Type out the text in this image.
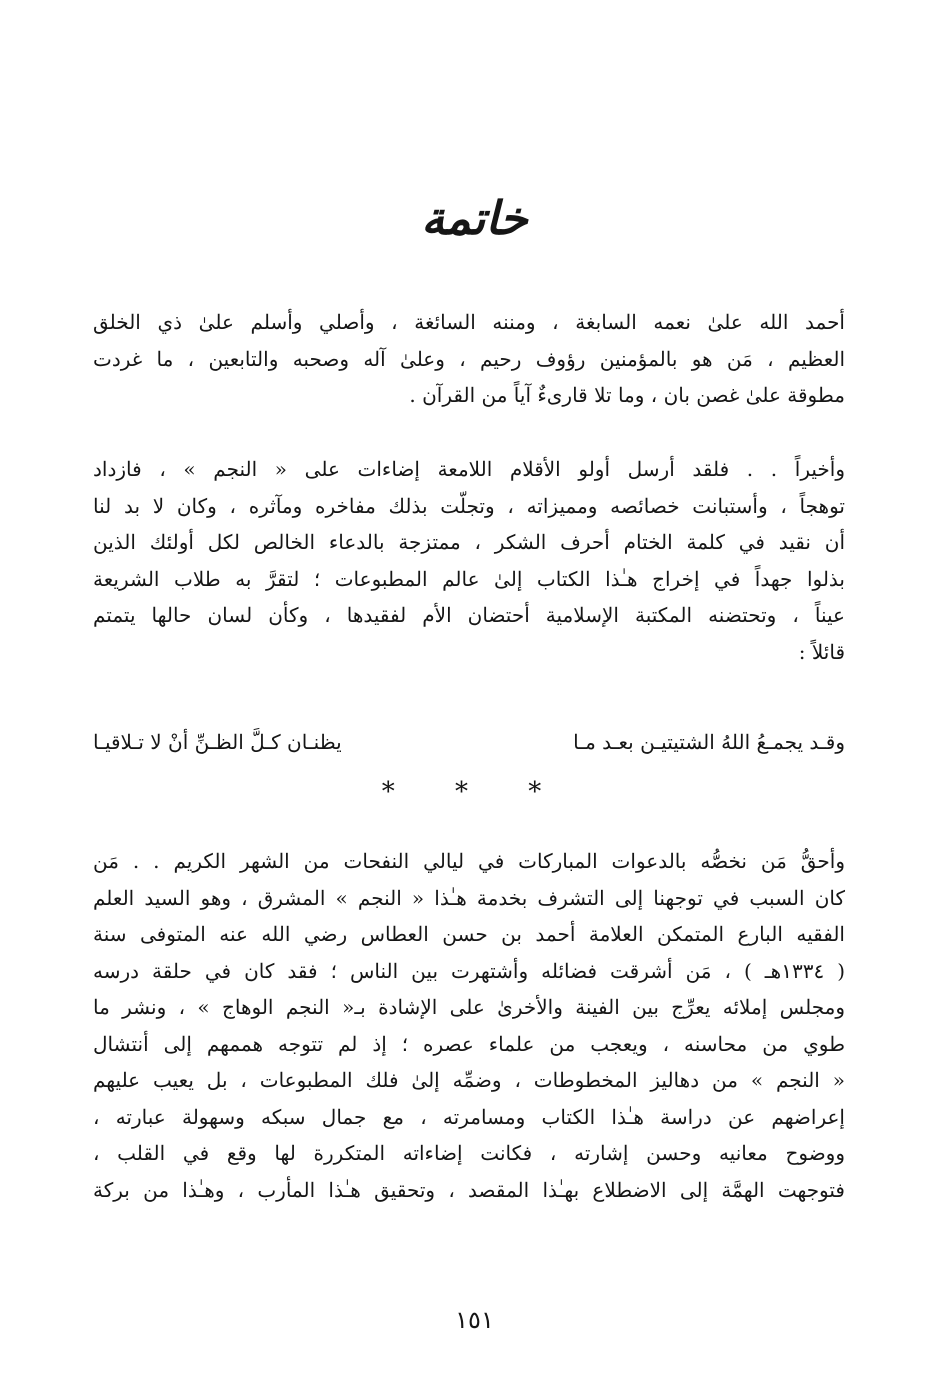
خاتمة
أحمد الله علىٰ نعمه السابغة ، ومننه السائغة ، وأصلي وأسلم علىٰ ذي الخلق
العظيم ، مَن هو بالمؤمنين رؤوف رحيم ، وعلىٰ آله وصحبه والتابعين ، ما غردت
مطوقة علىٰ غصن بان ، وما تلا قارىءٌ آياً من القرآن .
وأخيراً . . فلقد أرسل أولو الأقلام اللامعة إضاءات على « النجم » ، فازداد
توهجاً ، وأستبانت خصائصه ومميزاته ، وتجلّت بذلك مفاخره ومآثره ، وكان لا بد لنا
أن نقيد في كلمة الختام أحرف الشكر ، ممتزجة بالدعاء الخالص لكل أولئك الذين
بذلوا جهداً في إخراج هـٰذا الكتاب إلىٰ عالم المطبوعات ؛ لتقرَّ به طلاب الشريعة
عيناً ، وتحتضنه المكتبة الإسلامية أحتضان الأم لفقيدها ، وكأن لسان حالها يتمتم
قائلاً :
وقـد يجمـعُ اللهُ الشتيتيـن بعـد مـا
يظنـان كـلَّ الظـنِّ أنْ لا تـلاقيـا
* * *
وأحقُّ مَن نخصُّه بالدعوات المباركات في ليالي النفحات من الشهر الكريم . . مَن
كان السبب في توجهنا إلى التشرف بخدمة هـٰذا « النجم » المشرق ، وهو السيد العلم
الفقيه البارع المتمكن العلامة أحمد بن حسن العطاس رضي الله عنه المتوفى سنة
( ١٣٣٤هـ ) ، مَن أشرقت فضائله وأشتهرت بين الناس ؛ فقد كان في حلقة درسه
ومجلس إملائه يعرِّج بين الفينة والأخرىٰ على الإشادة بـ« النجم الوهاج » ، ونشر ما
طوي من محاسنه ، ويعجب من علماء عصره ؛ إذ لم تتوجه هممهم إلى أنتشال
« النجم » من دهاليز المخطوطات ، وضمِّه إلىٰ فلك المطبوعات ، بل يعيب عليهم
إعراضهم عن دراسة هـٰذا الكتاب ومسامرته ، مع جمال سبكه وسهولة عبارته ،
ووضوح معانيه وحسن إشارته ، فكانت إضاءاته المتكررة لها وقع في القلب ،
فتوجهت الهمَّة إلى الاضطلاع بهـٰذا المقصد ، وتحقيق هـٰذا المأرب ، وهـٰذا من بركة
١٥١
